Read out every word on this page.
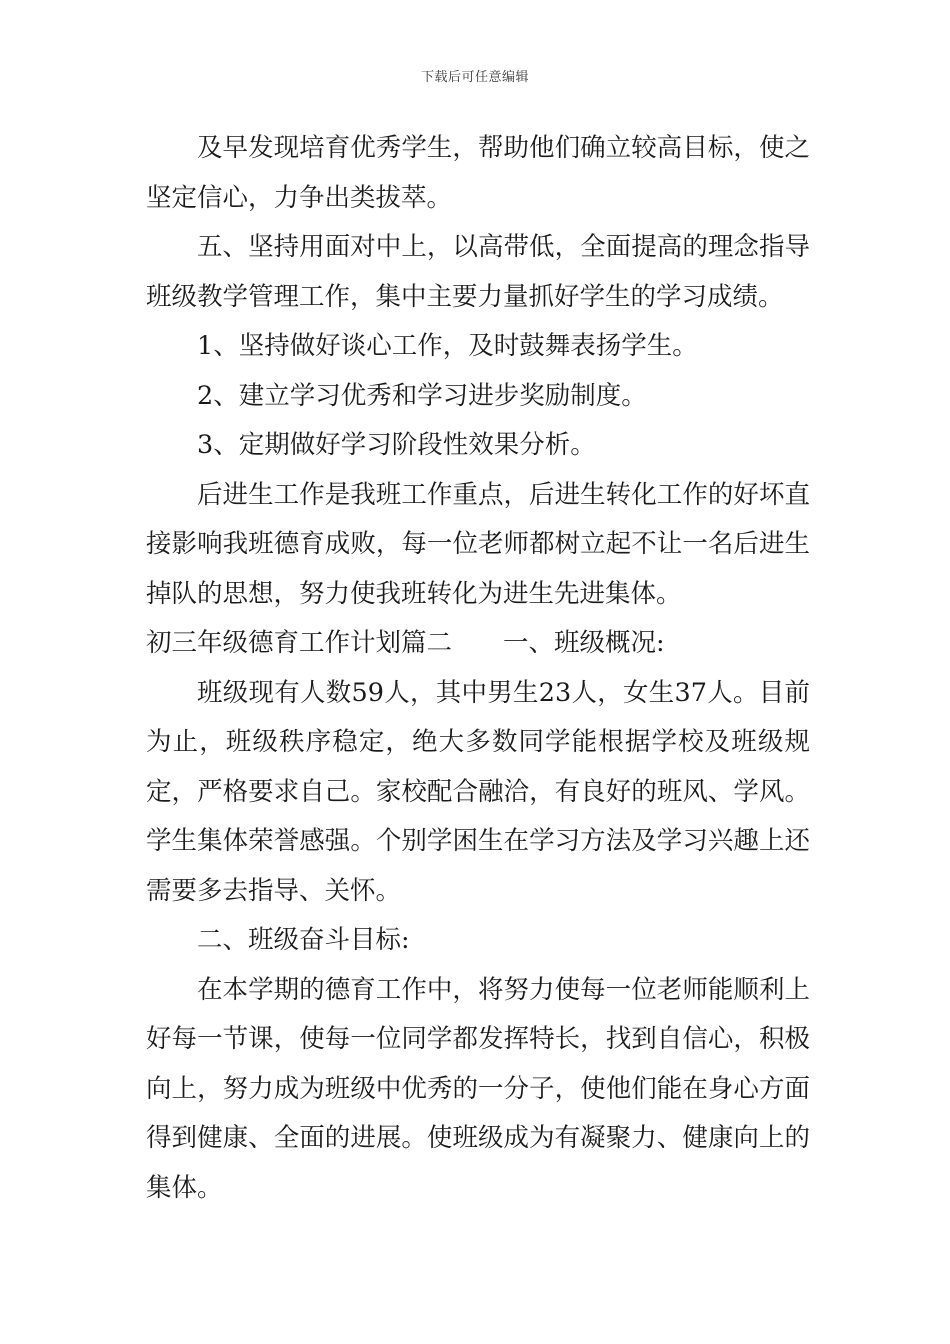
下载后可任意编辑

及早发现培育优秀学生，帮助他们确立较高目标，使之坚定信心，力争出类拔萃。

五、坚持用面对中上，以高带低，全面提高的理念指导班级教学管理工作，集中主要力量抓好学生的学习成绩。

1、坚持做好谈心工作，及时鼓舞表扬学生。

2、建立学习优秀和学习进步奖励制度。

3、定期做好学习阶段性效果分析。

后进生工作是我班工作重点，后进生转化工作的好坏直接影响我班德育成败，每一位老师都树立起不让一名后进生掉队的思想，努力使我班转化为进生先进集体。

初三年级德育工作计划篇二　　一、班级概况:

班级现有人数59人，其中男生23人，女生37人。目前为止，班级秩序稳定，绝大多数同学能根据学校及班级规定，严格要求自己。家校配合融洽，有良好的班风、学风。学生集体荣誉感强。个别学困生在学习方法及学习兴趣上还需要多去指导、关怀。

二、班级奋斗目标:

在本学期的德育工作中，将努力使每一位老师能顺利上好每一节课，使每一位同学都发挥特长，找到自信心，积极向上，努力成为班级中优秀的一分子，使他们能在身心方面得到健康、全面的进展。使班级成为有凝聚力、健康向上的集体。
